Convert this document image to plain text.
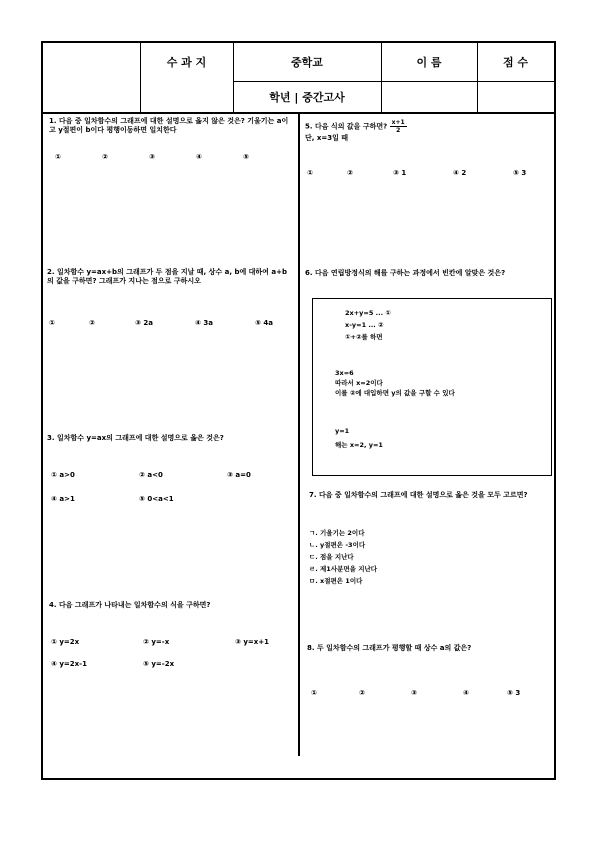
수 과 지	중학교
학년 | 중간고사
이 름	점 수
1. 다음 중 일차함수의 그래프에 대한 설명으로 옳지 않은 것은? 기울기는 a이고 y절편이 b이다 평행이동하면 일치한다
①	②	③	④	⑤
2. 일차함수 y=ax+b의 그래프가 두 점을 지날 때, 상수 a, b에 대하여 a+b의 값을 구하면? 그래프가 지나는 점으로 구하시오
①	②	③ 2a	④ 3a	⑤ 4a
3. 일차함수 y=ax의 그래프에 대한 설명으로 옳은 것은?
① a>0	② a<0	③ a=0
④ a>1	⑤ 0<a<1
4. 다음 그래프가 나타내는 일차함수의 식을 구하면?
① y=2x	② y=-x	③ y=x+1
④ y=2x-1	⑤ y=-2x
5. 다음 식의 값을 구하면? $\frac{x+1}{2}$
단, x=3일 때
①	②	③ 1	④ 2	⑤ 3
6. 다음 연립방정식의 해를 구하는 과정에서 빈칸에 알맞은 것은?
2x+y=5 ... ①
x-y=1 ... ②
①+②를 하면
3x=6
따라서 x=2이다
이를 ②에 대입하면 y의 값을 구할 수 있다
y=1
해는 x=2, y=1
7. 다음 중 일차함수의 그래프에 대한 설명으로 옳은 것을 모두 고르면?
ㄱ. 기울기는 2이다
ㄴ. y절편은 -3이다
ㄷ. 점을 지난다
ㄹ. 제1사분면을 지난다
ㅁ. x절편은 1이다
8. 두 일차함수의 그래프가 평행할 때 상수 a의 값은?
①	②	③	④	⑤ 3
